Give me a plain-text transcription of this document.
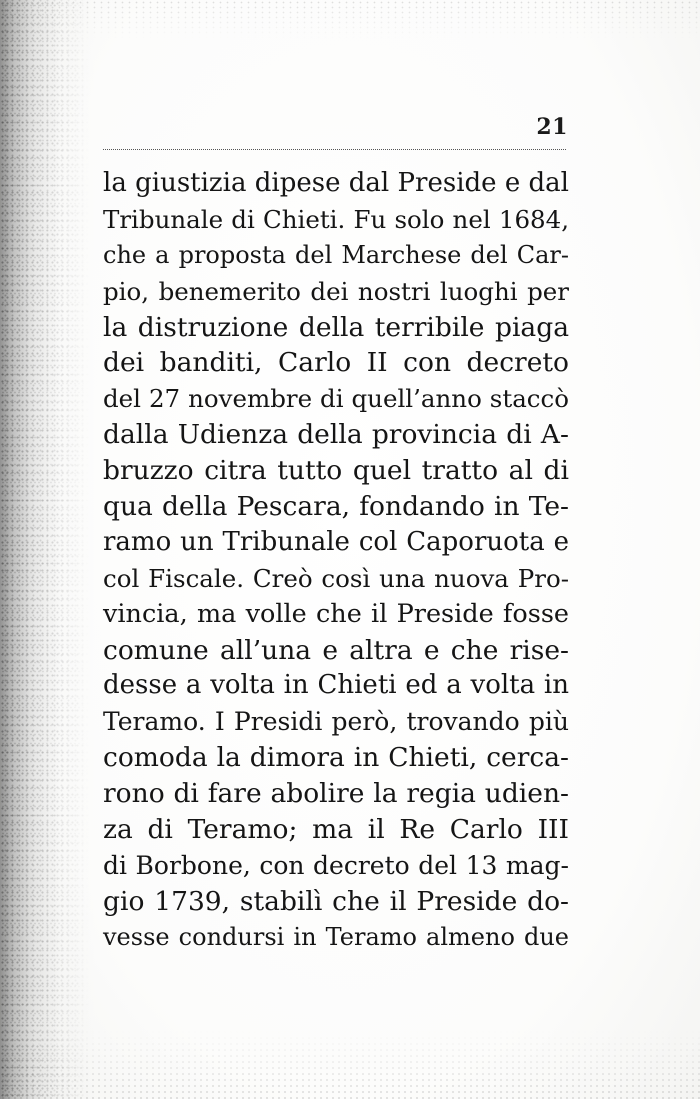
21
la giustizia dipese dal Preside e dal
Tribunale di Chieti. Fu solo nel 1684,
che a proposta del Marchese del Car-
pio, benemerito dei nostri luoghi per
la distruzione della terribile piaga
dei banditi, Carlo II con decreto
del 27 novembre di quell’anno staccò
dalla Udienza della provincia di A-
bruzzo citra tutto quel tratto al di
qua della Pescara, fondando in Te-
ramo un Tribunale col Caporuota e
col Fiscale. Creò così una nuova Pro-
vincia, ma volle che il Preside fosse
comune all’una e altra e che rise-
desse a volta in Chieti ed a volta in
Teramo. I Presidi però, trovando più
comoda la dimora in Chieti, cerca-
rono di fare abolire la regia udien-
za di Teramo; ma il Re Carlo III
di Borbone, con decreto del 13 mag-
gio 1739, stabilì che il Preside do-
vesse condursi in Teramo almeno due
